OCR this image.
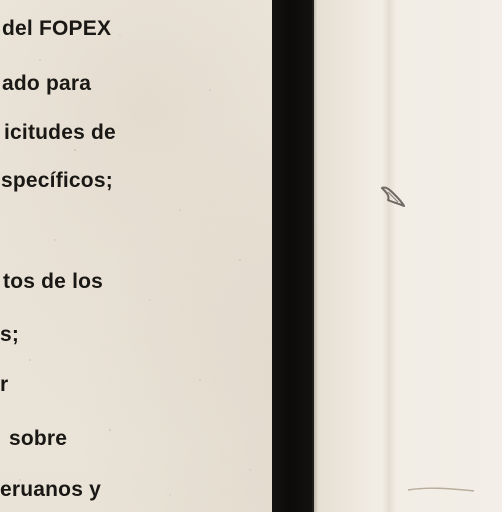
del FOPEX
ado para
icitudes de
specíficos;
tos de los
s;
r
sobre
eruanos y
